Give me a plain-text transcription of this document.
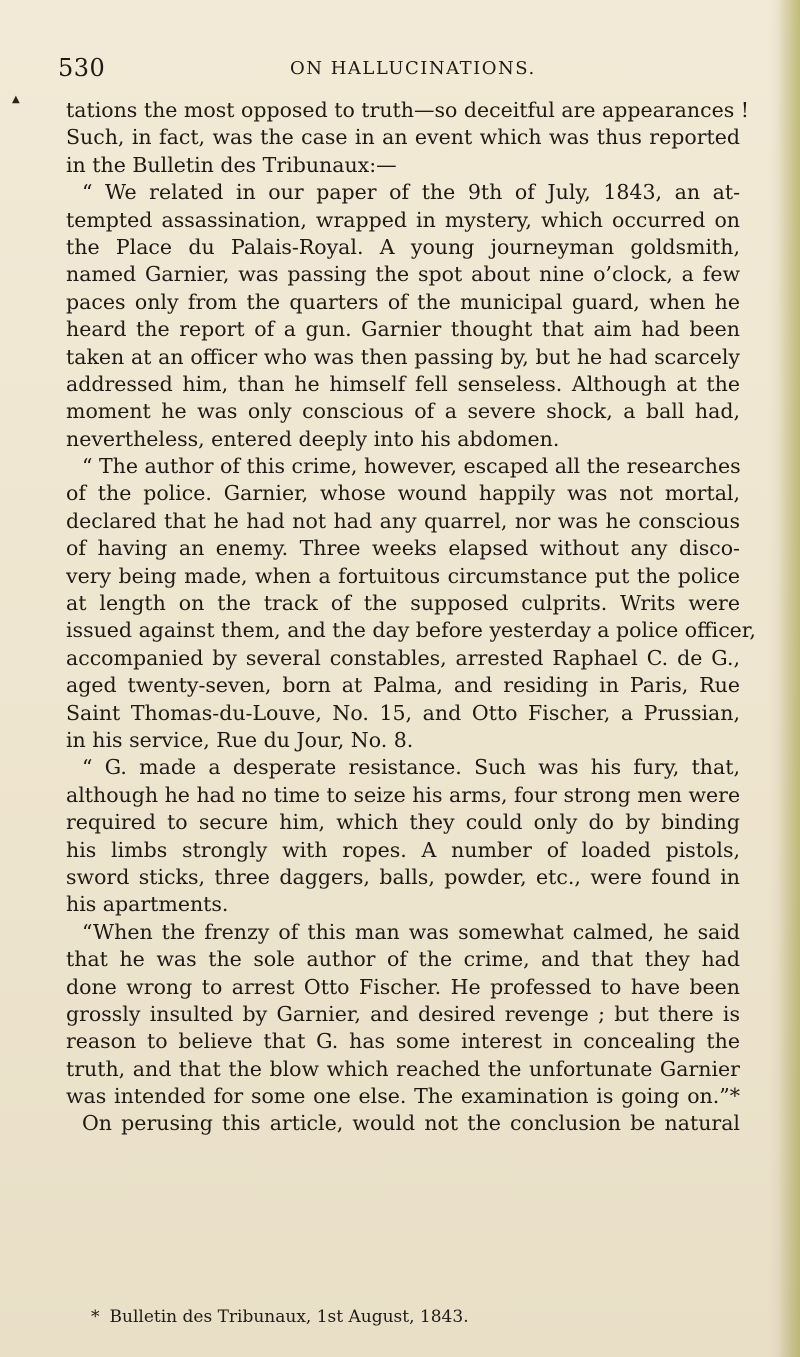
▲
530	ON HALLUCINATIONS.
tations the most opposed to truth—so deceitful are appearances !
Such, in fact, was the case in an event which was thus reported
in the Bulletin des Tribunaux:—
“ We related in our paper of the 9th of July, 1843, an at-
tempted assassination, wrapped in mystery, which occurred on
the Place du Palais-Royal. A young journeyman goldsmith,
named Garnier, was passing the spot about nine o’clock, a few
paces only from the quarters of the municipal guard, when he
heard the report of a gun. Garnier thought that aim had been
taken at an officer who was then passing by, but he had scarcely
addressed him, than he himself fell senseless. Although at the
moment he was only conscious of a severe shock, a ball had,
nevertheless, entered deeply into his abdomen.
“ The author of this crime, however, escaped all the researches
of the police. Garnier, whose wound happily was not mortal,
declared that he had not had any quarrel, nor was he conscious
of having an enemy. Three weeks elapsed without any disco-
very being made, when a fortuitous circumstance put the police
at length on the track of the supposed culprits. Writs were
issued against them, and the day before yesterday a police officer,
accompanied by several constables, arrested Raphael C. de G.,
aged twenty-seven, born at Palma, and residing in Paris, Rue
Saint Thomas-du-Louve, No. 15, and Otto Fischer, a Prussian,
in his service, Rue du Jour, No. 8.
“ G. made a desperate resistance. Such was his fury, that,
although he had no time to seize his arms, four strong men were
required to secure him, which they could only do by binding
his limbs strongly with ropes. A number of loaded pistols,
sword sticks, three daggers, balls, powder, etc., were found in
his apartments.
“When the frenzy of this man was somewhat calmed, he said
that he was the sole author of the crime, and that they had
done wrong to arrest Otto Fischer. He professed to have been
grossly insulted by Garnier, and desired revenge ; but there is
reason to believe that G. has some interest in concealing the
truth, and that the blow which reached the unfortunate Garnier
was intended for some one else. The examination is going on.”*
On perusing this article, would not the conclusion be natural
* Bulletin des Tribunaux, 1st August, 1843.
